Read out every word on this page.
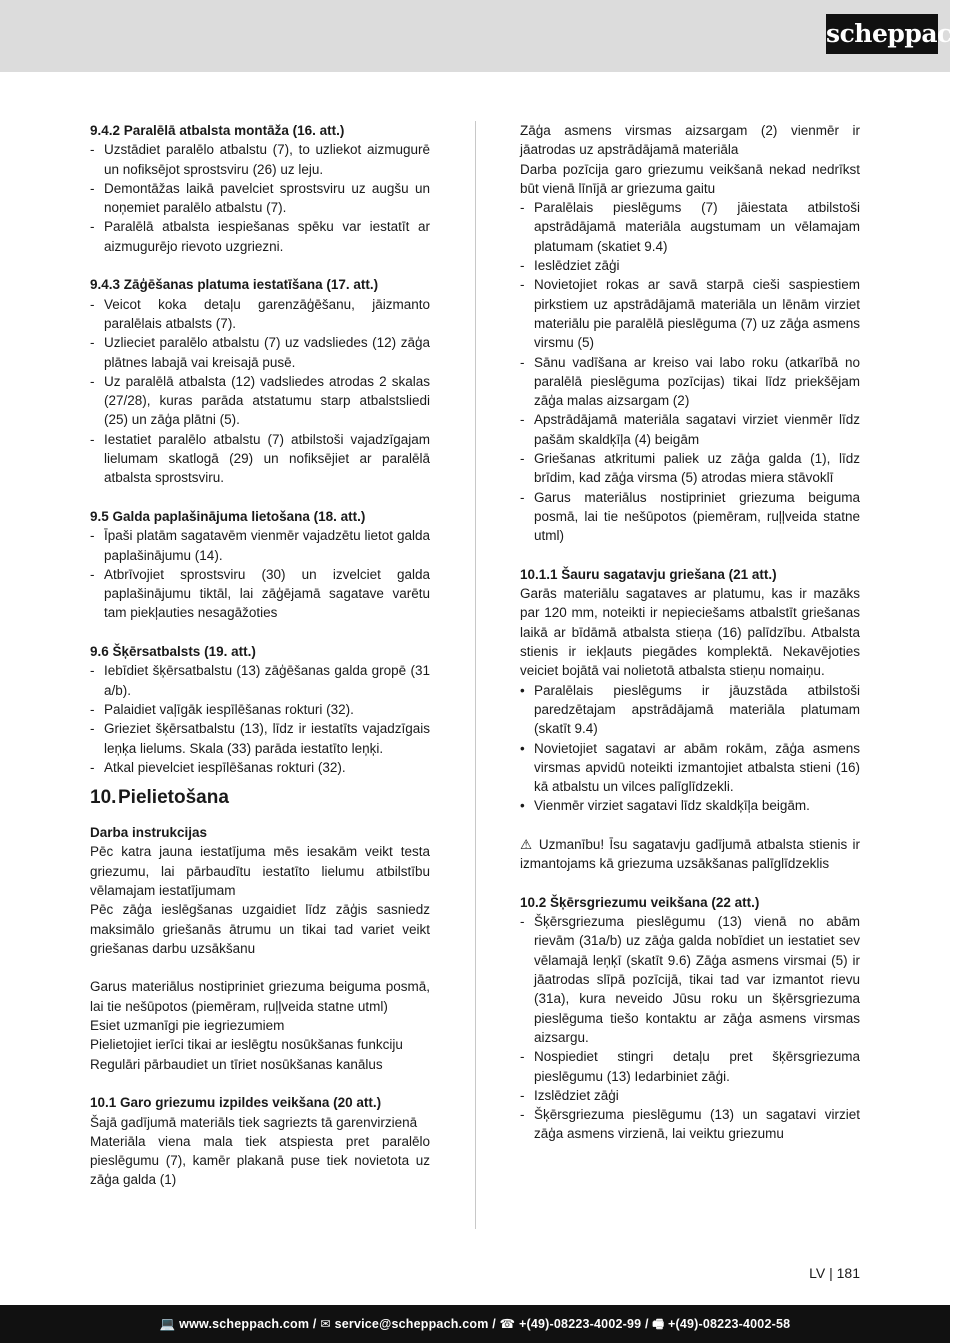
scheppach
9.4.2 Paralēlā atbalsta montāža (16. att.)
- Uzstādiet paralēlo atbalstu (7), to uzliekot aizmugurē un nofiksējot sprostsviru (26) uz leju.
- Demontāžas laikā pavelciet sprostsviru uz augšu un noņemiet paralēlo atbalstu (7).
- Paralēlā atbalsta iespiešanas spēku var iestatīt ar aizmugurējo rievoto uzgriezni.
9.4.3 Zāģēšanas platuma iestatīšana (17. att.)
- Veicot koka detaļu garenzāģēšanu, jāizmanto paralēlais atbalsts (7).
- Uzlieciet paralēlo atbalstu (7) uz vadsliedes (12) zāģa plātnes labajā vai kreisajā pusē.
- Uz paralēlā atbalsta (12) vadsliedes atrodas 2 skalas (27/28), kuras parāda atstatumu starp atbalstsliedi (25) un zāģa plātni (5).
- Iestatiet paralēlo atbalstu (7) atbilstoši vajadzīgajam lielumam skatlogā (29) un nofiksējiet ar paralēlā atbalsta sprostsviru.
9.5 Galda paplašinājuma lietošana (18. att.)
- Īpaši platām sagatavēm vienmēr vajadzētu lietot galda paplašinājumu (14).
- Atbrīvojiet sprostsviru (30) un izvelciet galda paplašinājumu tiktāl, lai zāģējamā sagatave varētu tam piekļauties nesagāžoties
9.6 Šķērsatbalsts (19. att.)
- Iebīdiet šķērsatbalstu (13) zāģēšanas galda gropē (31 a/b).
- Palaidiet vaļīgāk iespīlēšanas rokturi (32).
- Grieziet šķērsatbalstu (13), līdz ir iestatīts vajadzīgais leņķa lielums. Skala (33) parāda iestatīto leņķi.
- Atkal pievelciet iespīlēšanas rokturi (32).
10.Pielietošana
Darba instrukcijas
Pēc katra jauna iestatījuma mēs iesakām veikt testa griezumu, lai pārbaudītu iestatīto lielumu atbilstību vēlamajam iestatījumam
Pēc zāģa ieslēgšanas uzgaidiet līdz zāģis sasniedz maksimālo griešanās ātrumu un tikai tad variet veikt griešanas darbu uzsākšanu
Garus materiālus nostipriniet griezuma beiguma posmā, lai tie nešūpotos (piemēram, ruļļveida statne utml)
Esiet uzmanīgi pie iegriezumiem
Pielietojiet ierīci tikai ar ieslēgtu nosūkšanas funkciju
Regulāri pārbaudiet un tīriet nosūkšanas kanālus
10.1 Garo griezumu izpildes veikšana (20 att.)
Šajā gadījumā materiāls tiek sagriezts tā garenvirzienā
Materiāla viena mala tiek atspiesta pret paralēlo pieslēgumu (7), kamēr plakanā puse tiek novietota uz zāģa galda (1)
Zāģa asmens virsmas aizsargam (2) vienmēr ir jāatrodas uz apstrādājamā materiāla
Darba pozīcija garo griezumu veikšanā nekad nedrīkst būt vienā līnījā ar griezuma gaitu
- Paralēlais pieslēgums (7) jāiestata atbilstoši apstrādājamā materiāla augstumam un vēlamajam platumam (skatiet 9.4)
- Ieslēdziet zāģi
- Novietojiet rokas ar savā starpā cieši saspiestiem pirkstiem uz apstrādājamā materiāla un lēnām virziet materiālu pie paralēlā pieslēguma (7) uz zāģa asmens virsmu (5)
- Sānu vadīšana ar kreiso vai labo roku (atkarībā no paralēlā pieslēguma pozīcijas) tikai līdz priekšējam zāģa malas aizsargam (2)
- Apstrādājamā materiāla sagatavi virziet vienmēr līdz pašām skaldķīļa (4) beigām
- Griešanas atkritumi paliek uz zāģa galda (1), līdz brīdim, kad zāģa virsma (5) atrodas miera stāvoklī
- Garus materiālus nostipriniet griezuma beiguma posmā, lai tie nešūpotos (piemēram, ruļļveida statne utml)
10.1.1 Šauru sagatavju griešana (21 att.)
Garās materiālu sagataves ar platumu, kas ir mazāks par 120 mm, noteikti ir nepieciešams atbalstīt griešanas laikā ar bīdāmā atbalsta stieņa (16) palīdzību. Atbalsta stienis ir iekļauts piegādes komplektā. Nekavējoties veiciet bojātā vai nolietotā atbalsta stieņu nomaiņu.
• Paralēlais pieslēgums ir jāuzstāda atbilstoši paredzētajam apstrādājamā materiāla platumam (skatīt 9.4)
• Novietojiet sagatavi ar abām rokām, zāģa asmens virsmas apvidū noteikti izmantojiet atbalsta stieni (16) kā atbalstu un vilces palīglīdzekli.
• Vienmēr virziet sagatavi līdz skaldķīļa beigām.
⚠ Uzmanību! Īsu sagatavju gadījumā atbalsta stienis ir izmantojams kā griezuma uzsākšanas palīglīdzeklis
10.2 Šķērsgriezumu veikšana (22 att.)
- Šķērsgriezuma pieslēgumu (13) vienā no abām rievām (31a/b) uz zāģa galda nobīdiet un iestatiet sev vēlamajā leņķī (skatīt 9.6) Zāģa asmens virsmai (5) ir jāatrodas slīpā pozīcijā, tikai tad var izmantot rievu (31a), kura neveido Jūsu roku un šķērsgriezuma pieslēguma tiešo kontaktu ar zāģa asmens virsmas aizsargu.
- Nospiediet stingri detaļu pret šķērsgriezuma pieslēgumu (13) Iedarbiniet zāģi.
- Izslēdziet zāģi
- Šķērsgriezuma pieslēgumu (13) un sagatavi virziet zāģa asmens virzienā, lai veiktu griezumu
LV | 181
💻 www.scheppach.com / ✉ service@scheppach.com / ☎ +(49)-08223-4002-99 / 🖷 +(49)-08223-4002-58
